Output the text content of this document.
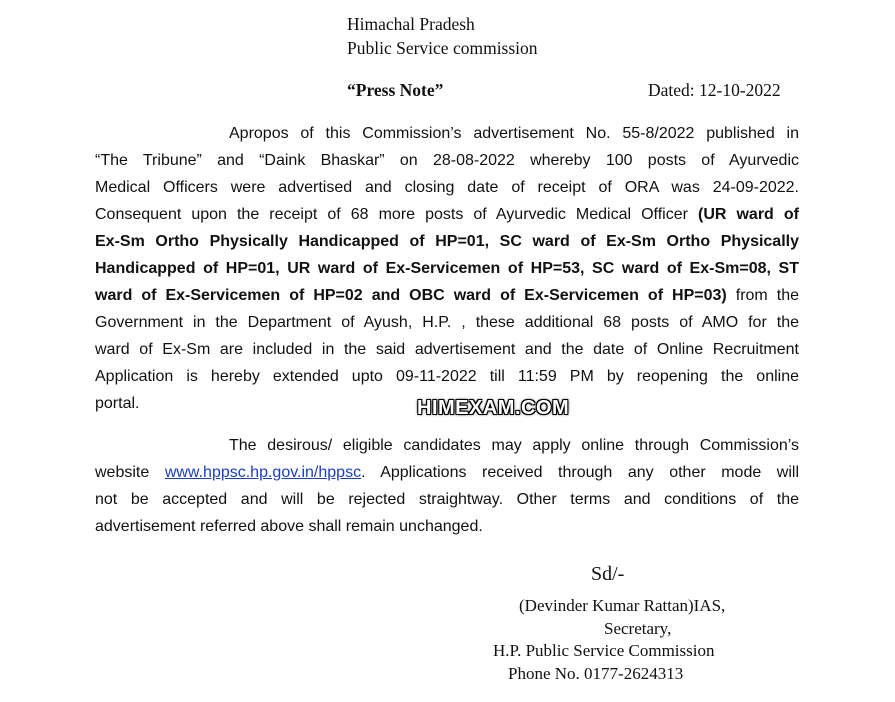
Himachal Pradesh
Public Service commission
“Press Note”	Dated: 12-10-2022
Apropos of this Commission’s advertisement No. 55-8/2022 published in
“The Tribune” and “Daink Bhaskar” on 28-08-2022 whereby 100 posts of Ayurvedic
Medical Officers were advertised and closing date of receipt of ORA was 24-09-2022.
Consequent upon the receipt of 68 more posts of Ayurvedic Medical Officer (UR ward of
Ex-Sm Ortho Physically Handicapped of HP=01, SC ward of Ex-Sm Ortho Physically
Handicapped of HP=01, UR ward of Ex-Servicemen of HP=53, SC ward of Ex-Sm=08, ST
ward of Ex-Servicemen of HP=02 and OBC ward of Ex-Servicemen of HP=03) from the
Government in the Department of Ayush, H.P. , these additional 68 posts of AMO for the
ward of Ex-Sm are included in the said advertisement and the date of Online Recruitment
Application is hereby extended upto 09-11-2022 till 11:59 PM by reopening the online
portal.	HIMEXAM.COM
The desirous/ eligible candidates may apply online through Commission’s
website www.hppsc.hp.gov.in/hppsc. Applications received through any other mode will
not be accepted and will be rejected straightway. Other terms and conditions of the
advertisement referred above shall remain unchanged.
Sd/-
(Devinder Kumar Rattan)IAS,
Secretary,
H.P. Public Service Commission
Phone No. 0177-2624313
